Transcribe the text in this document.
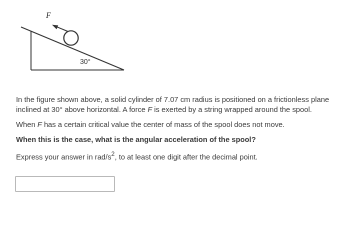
F
30°

In the figure shown above, a solid cylinder of 7.07 cm radius is positioned on a frictionless plane
inclined at 30° above horizontal. A force F is exerted by a string wrapped around the spool.

When F has a certain critical value the center of mass of the spool does not move.

When this is the case, what is the angular acceleration of the spool?

Express your answer in rad/$s^2$, to at least one digit after the decimal point.
